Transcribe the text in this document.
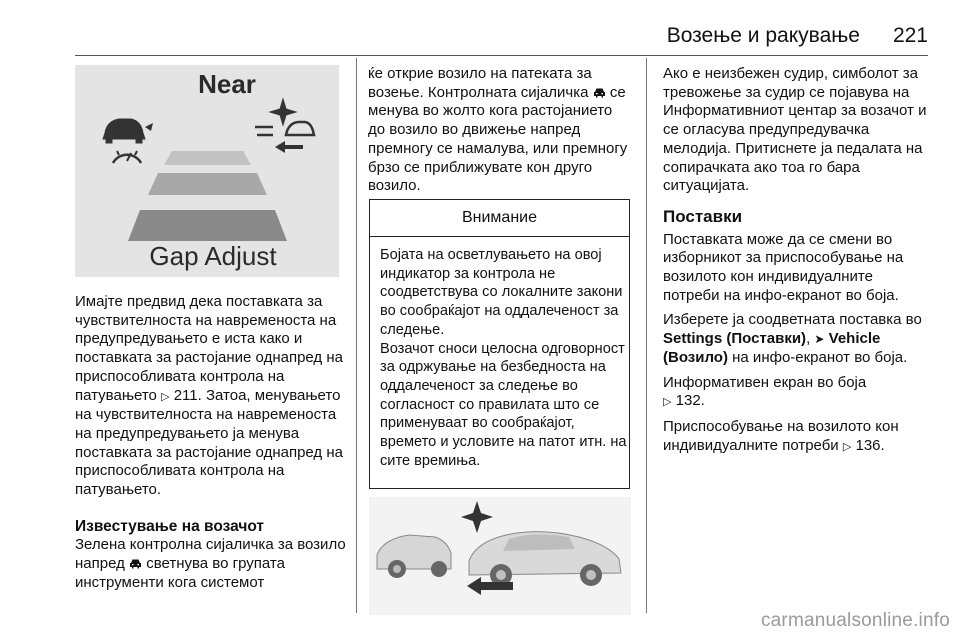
Возење и ракување	221
Near
Gap Adjust

Имајте предвид дека поставката за чувствителноста на навременоста на предупредувањето е иста како и поставката за растојание однапред на приспособливата контрола на патувањето ▷ 211. Затоа, менувањето на чувствителноста на навременоста на предупредувањето ја менува поставката за растојание однапред на приспособливата контрола на патувањето.

Известување на возачот

Зелена контролна сијаличка за возило напред светнува во групата инструменти кога системот

ќе открие возило на патеката за возење. Контролната сијаличка се менува во жолто кога растојанието до возило во движење напред премногу се намалува, или премногу брзо се приближувате кон друго возило.

Внимание

Бојата на осветлувањето на овој индикатор за контрола не соодветствува со локалните закони во сообраќајот на оддалеченост за следење.

Возачот сноси целосна одговорност за одржување на безбедноста на оддалеченост за следење во согласност со правилата што се применуваат во сообраќајот, времето и условите на патот итн. на сите времиња.

Ако е неизбежен судир, симболот за тревожење за судир се појавува на Информативниот центар за возачот и се огласува предупредувачка мелодија. Притиснете ја педалата на сопирачката ако тоа го бара ситуацијата.

Поставки

Поставката може да се смени во изборникот за приспособување на возилото кон индивидуалните потреби на инфо-екранот во боја.

Изберете ја соодветната поставка во Settings (Поставки), ➤ Vehicle (Возило) на инфо-екранот во боја.

Информативен екран во боја
▷ 132.

Приспособување на возилото кон индивидуалните потреби ▷ 136.

carmanualsonline.info
